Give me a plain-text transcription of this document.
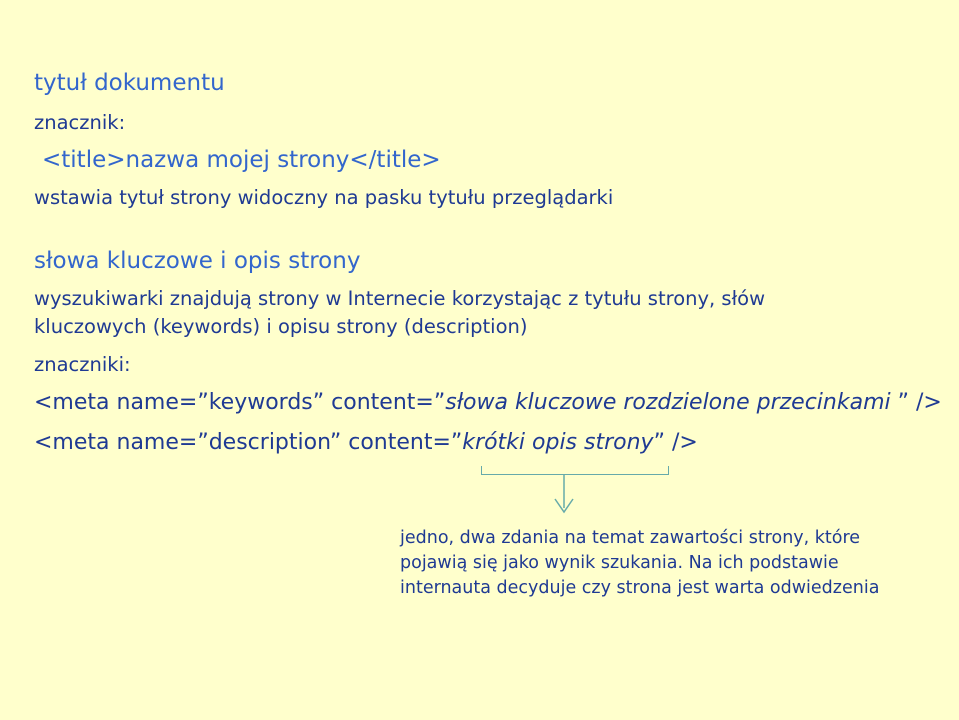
tytuł dokumentu
znacznik:
<title>nazwa mojej strony</title>
wstawia tytuł strony widoczny na pasku tytułu przeglądarki
słowa kluczowe i opis strony
wyszukiwarki znajdują strony w Internecie korzystając z tytułu strony, słów
kluczowych (keywords) i opisu strony (description)
znaczniki:
<meta name=”keywords” content=”słowa kluczowe rozdzielone przecinkami ” />
<meta name=”description” content=”krótki opis strony” />
jedno, dwa zdania na temat zawartości strony, które
pojawią się jako wynik szukania. Na ich podstawie
internauta decyduje czy strona jest warta odwiedzenia
